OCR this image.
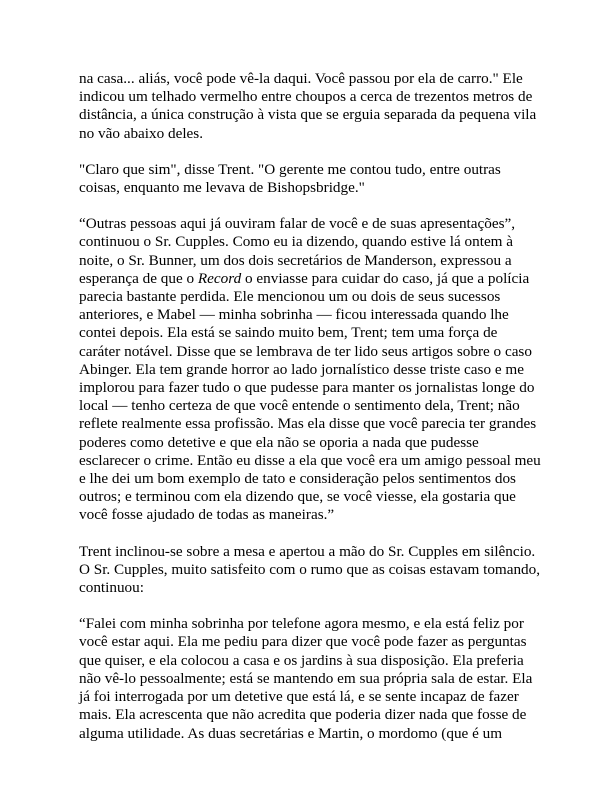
na casa... aliás, você pode vê-la daqui. Você passou por ela de carro." Ele indicou um telhado vermelho entre choupos a cerca de trezentos metros de distância, a única construção à vista que se erguia separada da pequena vila no vão abaixo deles.

"Claro que sim", disse Trent. "O gerente me contou tudo, entre outras coisas, enquanto me levava de Bishopsbridge."

“Outras pessoas aqui já ouviram falar de você e de suas apresentações”, continuou o Sr. Cupples. Como eu ia dizendo, quando estive lá ontem à noite, o Sr. Bunner, um dos dois secretários de Manderson, expressou a esperança de que o Record o enviasse para cuidar do caso, já que a polícia parecia bastante perdida. Ele mencionou um ou dois de seus sucessos anteriores, e Mabel — minha sobrinha — ficou interessada quando lhe contei depois. Ela está se saindo muito bem, Trent; tem uma força de caráter notável. Disse que se lembrava de ter lido seus artigos sobre o caso Abinger. Ela tem grande horror ao lado jornalístico desse triste caso e me implorou para fazer tudo o que pudesse para manter os jornalistas longe do local — tenho certeza de que você entende o sentimento dela, Trent; não reflete realmente essa profissão. Mas ela disse que você parecia ter grandes poderes como detetive e que ela não se oporia a nada que pudesse esclarecer o crime. Então eu disse a ela que você era um amigo pessoal meu e lhe dei um bom exemplo de tato e consideração pelos sentimentos dos outros; e terminou com ela dizendo que, se você viesse, ela gostaria que você fosse ajudado de todas as maneiras.”

Trent inclinou-se sobre a mesa e apertou a mão do Sr. Cupples em silêncio. O Sr. Cupples, muito satisfeito com o rumo que as coisas estavam tomando, continuou:

“Falei com minha sobrinha por telefone agora mesmo, e ela está feliz por você estar aqui. Ela me pediu para dizer que você pode fazer as perguntas que quiser, e ela colocou a casa e os jardins à sua disposição. Ela preferia não vê-lo pessoalmente; está se mantendo em sua própria sala de estar. Ela já foi interrogada por um detetive que está lá, e se sente incapaz de fazer mais. Ela acrescenta que não acredita que poderia dizer nada que fosse de alguma utilidade. As duas secretárias e Martin, o mordomo (que é um
